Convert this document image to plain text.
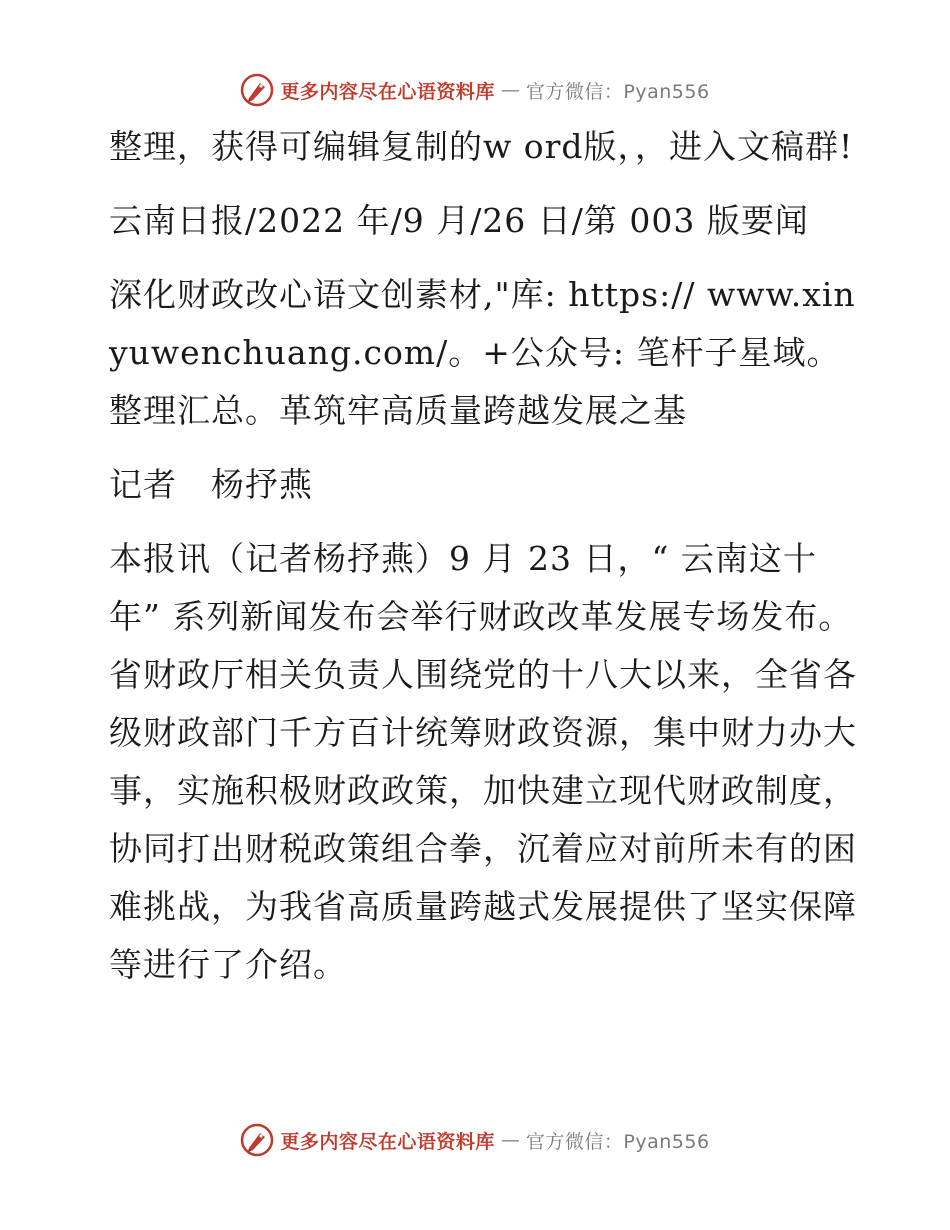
更多内容尽在心语资料库 — 官方微信：Pyan556

整理，获得可编辑复制的w ord版，，进入文稿群!

云南日报/2022 年/9 月/26 日/第 003 版要闻

深化财政改心语文创素材,"库: https:// www.xinyuwenchuang.com/。+公众号: 笔杆子星域。整理汇总。革筑牢高质量跨越发展之基

记者　杨抒燕

本报讯（记者杨抒燕）9 月 23 日，“ 云南这十年” 系列新闻发布会举行财政改革发展专场发布。省财政厅相关负责人围绕党的十八大以来，全省各级财政部门千方百计统筹财政资源，集中财力办大事，实施积极财政政策，加快建立现代财政制度，协同打出财税政策组合拳，沉着应对前所未有的困难挑战，为我省高质量跨越式发展提供了坚实保障等进行了介绍。

更多内容尽在心语资料库 — 官方微信：Pyan556
